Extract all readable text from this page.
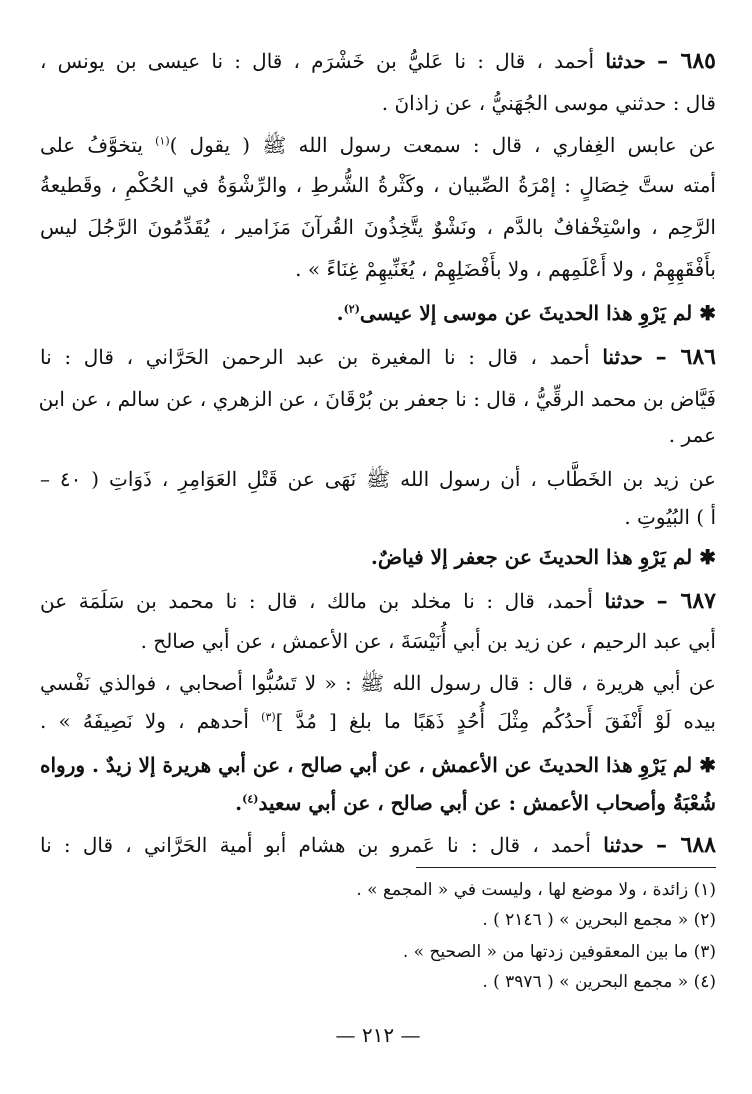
٦٨٥ – حدثنا أحمد ، قال : نا عَليُّ بن خَشْرَم ، قال : نا عيسى بن يونس ،
قال : حدثني موسى الجُهَنيُّ ، عن زاذانَ .
عن عابس الغِفاري ، قال : سمعت رسول الله ﷺ ( يقول )$^{(١)}$ يتخوَّفُ على
أمته ستَّ خِصَالٍ : إمْرَةُ الصِّبيان ، وكَثْرةُ الشُّرطِ ، والرِّشْوَةُ في الحُكْمِ ، وقَطيعةُ
الرَّحِم ، واسْتِخْفافٌ بالدَّم ، ونَشْوٌ يتَّخِذُونَ القُرآنَ مَزَامير ، يُقَدِّمُونَ الرَّجُلَ ليس
بأَفْقَهِهِمْ ، ولا أَعْلَمِهم ، ولا بأَفْضَلِهِمْ ، يُغَنِّيهِمْ غِنَاءً » .
✱ لم يَرْوِ هذا الحديثَ عن موسى إلا عيسى$^{(٢)}$.
٦٨٦ – حدثنا أحمد ، قال : نا المغيرة بن عبد الرحمن الحَرَّاني ، قال : نا
فَيَّاض بن محمد الرقِّيُّ ، قال : نا جعفر بن بُرْقَانَ ، عن الزهري ، عن سالم ، عن ابن
عمر .
عن زيد بن الخَطَّاب ، أن رسول الله ﷺ نَهَى عن قَتْلِ العَوَامِرِ ، ذَوَاتِ ( ٤٠ –
أ ) البُيُوتِ .
✱ لم يَرْوِ هذا الحديثَ عن جعفر إلا فياضٌ.
٦٨٧ – حدثنا أحمد، قال : نا مخلد بن مالك ، قال : نا محمد بن سَلَمَة عن
أبي عبد الرحيم ، عن زيد بن أبي أُنَيْسَةَ ، عن الأعمش ، عن أبي صالح .
عن أبي هريرة ، قال : قال رسول الله ﷺ : « لا تَسُبُّوا أصحابي ، فوالذي نَفْسي
بيده لَوْ أَنْفَقَ أَحدُكُم مِثْلَ أُحُدٍ ذَهَبًا ما بلغ [ مُدَّ ]$^{(٣)}$ أحدهم ، ولا نَصِيفَهُ » .
✱ لم يَرْوِ هذا الحديثَ عن الأعمش ، عن أبي صالح ، عن أبي هريرة إلا زيدٌ . ورواه
شُعْبَةُ وأصحاب الأعمش : عن أبي صالح ، عن أبي سعيد$^{(٤)}$.
٦٨٨ – حدثنا أحمد ، قال : نا عَمرو بن هشام أبو أمية الحَرَّاني ، قال : نا
(١) زائدة ، ولا موضع لها ، وليست في « المجمع » .
(٢) « مجمع البحرين » ( ٢١٤٦ ) .
(٣) ما بين المعقوفين زدتها من « الصحيح » .
(٤) « مجمع البحرين » ( ٣٩٧٦ ) .
— ٢١٢ —
